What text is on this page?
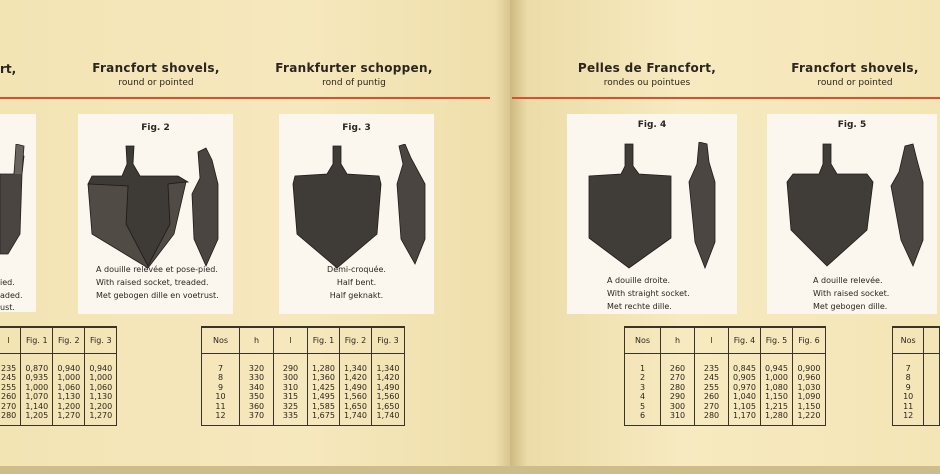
rt,
ied.
aded.
ust.
l	Fig. 1	Fig. 2	Fig. 3
235	0,870	0,940	0,940
245	0,935	1,000	1,000
255	1,000	1,060	1,060
260	1,070	1,130	1,130
270	1,140	1,200	1,200
280	1,205	1,270	1,270
Francfort shovels,
round or pointed
Fig. 2
A douille relevée et pose-pied.
With raised socket, treaded.
Met gebogen dille en voetrust.
Frankfurter schoppen,
rond of puntig
Fig. 3
Demi-croquée.
Half bent.
Half geknakt.
Nos	h	l	Fig. 1	Fig. 2	Fig. 3
7	320	290	1,280	1,340	1,340
8	330	300	1,360	1,420	1,420
9	340	310	1,425	1,490	1,490
10	350	315	1,495	1,560	1,560
11	360	325	1,585	1,650	1,650
12	370	335	1,675	1,740	1,740
Pelles de Francfort,
rondes ou pointues
Fig. 4
A douille droite.
With straight socket.
Met rechte dille.
Nos	h	l	Fig. 4	Fig. 5	Fig. 6
1	260	235	0,845	0,945	0,900
2	270	245	0,905	1,000	0,960
3	280	255	0,970	1,080	1,030
4	290	260	1,040	1,150	1,090
5	300	270	1,105	1,215	1,150
6	310	280	1,170	1,280	1,220
Francfort shovels,
round or pointed
Fig. 5
A douille relevée.
With raised socket.
Met gebogen dille.
Nos	
7	
8	
9	
10	
11	
12	
